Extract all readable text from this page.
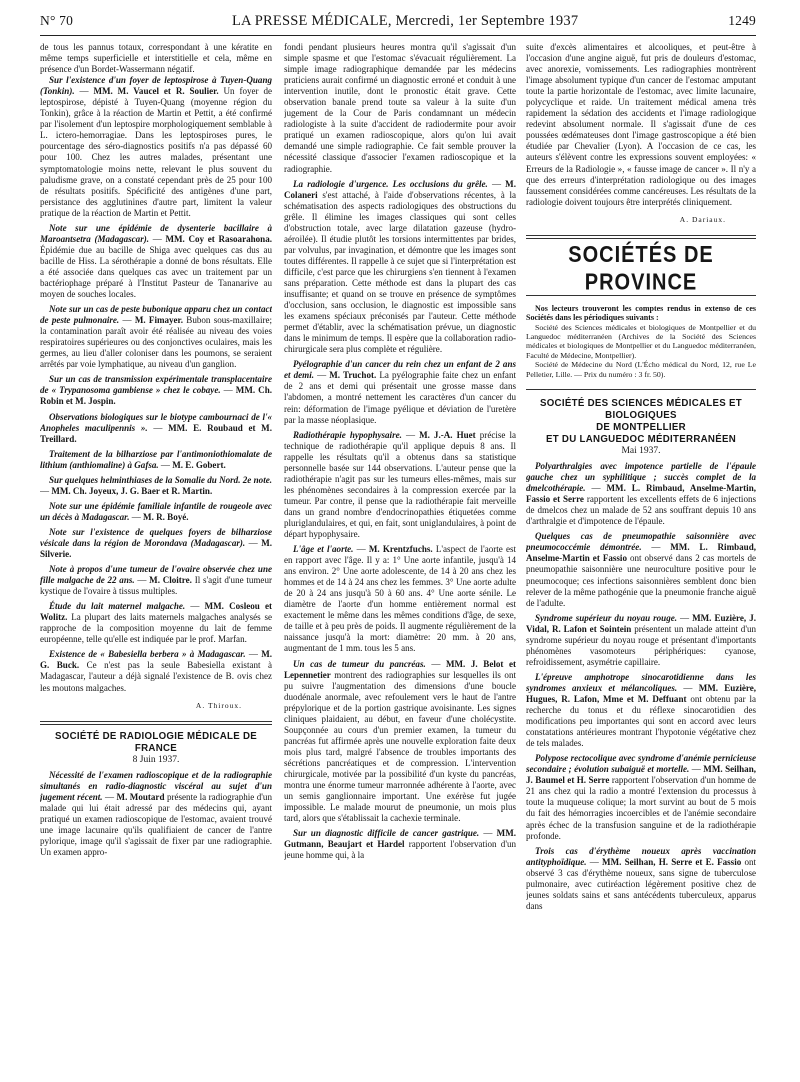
N° 70	LA PRESSE MÉDICALE, Mercredi, 1er Septembre 1937	1249

de tous les pannus totaux, correspondant à une kératite en même temps superficielle et interstitielle et cela, même en présence d'un Bordet-Wassermann négatif.

Sur l'existence d'un foyer de leptospirose à Tuyen-Quang (Tonkin). — MM. M. Vaucel et R. Soulier. Un foyer de leptospirose, dépisté à Tuyen-Quang (moyenne région du Tonkin), grâce à la réaction de Martin et Pettit, a été confirmé par l'isolement d'un leptospire morphologiquement semblable à L. ictero-hemorragiae. Dans les leptospiroses pures, le pourcentage des séro-diagnostics positifs n'a pas dépassé 60 pour 100. Chez les autres malades, présentant une symptomatologie moins nette, relevant le plus souvent du paludisme grave, on a constaté cependant près de 25 pour 100 de résultats positifs. Spécificité des antigènes d'une part, persistance des agglutinines d'autre part, limitent la valeur pratique de la réaction de Martin et Pettit.

Note sur une épidémie de dysenterie bacillaire à Maroantsetra (Madagascar). — MM. Coy et Rasoarahona. Épidémie due au bacille de Shiga avec quelques cas dus au bacille de Hiss. La sérothérapie a donné de bons résultats. Elle a été associée dans quelques cas avec un traitement par un bactériophage préparé à l'Institut Pasteur de Tananarive au moyen de souches locales.

Note sur un cas de peste bubonique apparu chez un contact de peste pulmonaire. — M. Fimayer. Bubon sous-maxillaire; la contamination paraît avoir été réalisée au niveau des voies respiratoires supérieures ou des conjonctives oculaires, mais les germes, au lieu d'aller coloniser dans les poumons, se seraient arrêtés par voie lymphatique, au niveau d'un ganglion.

Sur un cas de transmission expérimentale transplacentaire de « Trypanosoma gambiense » chez le cobaye. — MM. Ch. Robin et M. Jospin.

Observations biologiques sur le biotype cambournaci de l'« Anopheles maculipennis ». — MM. E. Roubaud et M. Treillard.

Traitement de la bilharziose par l'antimoniothiomalate de lithium (anthiomaline) à Gafsa. — M. E. Gobert.

Sur quelques helminthiases de la Somalie du Nord. 2e note. — MM. Ch. Joyeux, J. G. Baer et R. Martin.

Note sur une épidémie familiale infantile de rougeole avec un décès à Madagascar. — M. R. Boyé.

Note sur l'existence de quelques foyers de bilharziose vésicale dans la région de Morondava (Madagascar). — M. Silverie.

Note à propos d'une tumeur de l'ovaire observée chez une fille malgache de 22 ans. — M. Cloitre. Il s'agit d'une tumeur kystique de l'ovaire à tissus multiples.

Étude du lait maternel malgache. — MM. Cosleou et Wolitz. La plupart des laits maternels malgaches analysés se rapproche de la composition moyenne du lait de femme européenne, telle qu'elle est indiquée par le prof. Marfan.

Existence de « Babesiella berbera » à Madagascar. — M. G. Buck. Ce n'est pas la seule Babesiella existant à Madagascar, l'auteur a déjà signalé l'existence de B. ovis chez les moutons malgaches.

A. Thiroux.

SOCIÉTÉ DE RADIOLOGIE MÉDICALE DE FRANCE

8 Juin 1937.

Nécessité de l'examen radioscopique et de la radiographie simultanés en radio-diagnostic viscéral au sujet d'un jugement récent. — M. Moutard présente la radiographie d'un malade qui lui était adressé par des médecins qui, ayant pratiqué un examen radioscopique de l'estomac, avaient trouvé une image lacunaire qu'ils qualifiaient de cancer de l'antre pylorique, image qu'il s'agissait de fixer par une radiographie. Un examen appro-

fondi pendant plusieurs heures montra qu'il s'agissait d'un simple spasme et que l'estomac s'évacuait régulièrement. La simple image radiographique demandée par les médecins praticiens aurait confirmé un diagnostic erroné et conduit à une intervention inutile, dont le pronostic était grave. Cette observation banale prend toute sa valeur à la suite d'un jugement de la Cour de Paris condamnant un médecin radiologiste à la suite d'accident de radiodermite pour avoir pratiqué un examen radioscopique, alors qu'on lui avait demandé une simple radiographie. Ce fait semble prouver la nécessité classique d'associer l'examen radioscopique et la radiographie.

La radiologie d'urgence. Les occlusions du grêle. — M. Colaneri s'est attaché, à l'aide d'observations récentes, à la schématisation des aspects radiologiques des obstructions du grêle. Il élimine les images classiques qui sont celles d'obstruction totale, avec large dilatation gazeuse (hydro-aéroilée). Il étudie plutôt les torsions intermittentes par brides, par volvulus, par invagination, et démontre que les images sont toutes différentes. Il rappelle à ce sujet que si l'interprétation est difficile, c'est parce que les chirurgiens s'en tiennent à l'examen sans préparation. Cette méthode est dans la plupart des cas insuffisante; et quand on se trouve en présence de symptômes d'occlusion, sans occlusion, le diagnostic est impossible sans les examens spéciaux préconisés par l'auteur. Cette méthode permet d'établir, avec la schématisation prévue, un diagnostic dans le minimum de temps. Il espère que la collaboration radio-chirurgicale sera plus complète et régulière.

Pyélographie d'un cancer du rein chez un enfant de 2 ans et demi. — M. Truchot. La pyélographie faite chez un enfant de 2 ans et demi qui présentait une grosse masse dans l'abdomen, a montré nettement les caractères d'un cancer du rein: déformation de l'image pyélique et déviation de l'uretère par la masse néoplasique.

Radiothérapie hypophysaire. — M. J.-A. Huet précise la technique de radiothérapie qu'il applique depuis 8 ans. Il rappelle les résultats qu'il a obtenus dans sa statistique personnelle basée sur 144 observations. L'auteur pense que la radiothérapie n'agit pas sur les tumeurs elles-mêmes, mais sur les phénomènes secondaires à la compression exercée par la tumeur. Par contre, il pense que la radiothérapie fait merveille dans un grand nombre d'endocrinopathies étiquetées comme pluriglandulaires, et qui, en fait, sont uniglandulaires, à point de départ hypophysaire.

L'âge et l'aorte. — M. Krentzfuchs. L'aspect de l'aorte est en rapport avec l'âge. Il y a: 1° Une aorte infantile, jusqu'à 14 ans environ. 2° Une aorte adolescente, de 14 à 20 ans chez les hommes et de 14 à 24 ans chez les femmes. 3° Une aorte adulte de 20 à 24 ans jusqu'à 50 à 60 ans. 4° Une aorte sénile. Le diamètre de l'aorte d'un homme entièrement normal est exactement le même dans les mêmes conditions d'âge, de sexe, de taille et à peu près de poids. Il augmente régulièrement de la naissance jusqu'à la mort: diamètre: 20 mm. à 20 ans, augmentant de 1 mm. tous les 5 ans.

Un cas de tumeur du pancréas. — MM. J. Belot et Lepennetier montrent des radiographies sur lesquelles ils ont pu suivre l'augmentation des dimensions d'une boucle duodénale anormale, avec refoulement vers le haut de l'antre prépylorique et de la portion gastrique avoisinante. Les signes cliniques plaidaient, au début, en faveur d'une cholécystite. Soupçonnée au cours d'un premier examen, la tumeur du pancréas fut affirmée après une nouvelle exploration faite deux mois plus tard, malgré l'absence de troubles importants des sécrétions pancréatiques et de compression. L'intervention chirurgicale, motivée par la possibilité d'un kyste du pancréas, montra une énorme tumeur marronnée adhérente à l'aorte, avec un semis ganglionnaire important. Une exérèse fut jugée impossible. Le malade mourut de pneumonie, un mois plus tard, alors que s'établissait la cachexie terminale.

Sur un diagnostic difficile de cancer gastrique. — MM. Gutmann, Beaujart et Hardel rapportent l'observation d'un jeune homme qui, à la

suite d'excès alimentaires et alcooliques, et peut-être à l'occasion d'une angine aiguë, fut pris de douleurs d'estomac, avec anorexie, vomissements. Les radiographies montrèrent l'image absolument typique d'un cancer de l'estomac amputant toute la partie horizontale de l'estomac, avec limite lacunaire, polycyclique et raide. Un traitement médical amena très rapidement la sédation des accidents et l'image radiologique redevint absolument normale. Il s'agissait d'une de ces poussées œdémateuses dont l'image gastroscopique a été bien étudiée par Chevalier (Lyon). A l'occasion de ce cas, les auteurs s'élèvent contre les expressions souvent employées: « Erreurs de la Radiologie », « fausse image de cancer ». Il n'y a que des erreurs d'interprétation radiologique ou des images faussement considérées comme cancéreuses. Les résultats de la radiologie doivent toujours être interprétés cliniquement.

A. Dariaux.

SOCIÉTÉS DE PROVINCE

Nos lecteurs trouveront les comptes rendus in extenso de ces Sociétés dans les périodiques suivants :

Société des Sciences médicales et biologiques de Montpellier et du Languedoc méditerranéen (Archives de la Société des Sciences médicales et biologiques de Montpellier et du Languedoc méditerranéen, Faculté de Médecine, Montpellier).

Société de Médecine du Nord (L'Écho médical du Nord, 12, rue Le Pelletier, Lille. — Prix du numéro : 3 fr. 50).

SOCIÉTÉ DES SCIENCES MÉDICALES ET BIOLOGIQUES

DE MONTPELLIER

ET DU LANGUEDOC MÉDITERRANÉEN

Mai 1937.

Polyarthralgies avec impotence partielle de l'épaule gauche chez un syphilitique ; succès complet de la dmelcothérapie. — MM. L. Rimbaud, Anselme-Martin, Fassio et Serre rapportent les excellents effets de 6 injections de dmelcos chez un malade de 52 ans souffrant depuis 10 ans d'arthralgie et d'impotence de l'épaule.

Quelques cas de pneumopathie saisonnière avec pneumococcémie démontrée. — MM. L. Rimbaud, Anselme-Martin et Fassio ont observé dans 2 cas mortels de pneumopathie saisonnière une neuroculture positive pour le pneumocoque; ces infections saisonnières semblent donc bien relever de la même pathogénie que la pneumonie franche aiguë de l'adulte.

Syndrome supérieur du noyau rouge. — MM. Euzière, J. Vidal, R. Lafon et Sointein présentent un malade atteint d'un syndrome supérieur du noyau rouge et présentant d'importants phénomènes vasomoteurs périphériques: cyanose, refroidissement, asymétrie capillaire.

L'épreuve amphotrope sinocarotidienne dans les syndromes anxieux et mélancoliques. — MM. Euzière, Hugues, R. Lafon, Mme et M. Deffuant ont obtenu par la recherche du tonus et du réflexe sinocarotidien des modifications peu importantes qui sont en accord avec leurs constatations antérieures montrant l'hypotonie végétative chez de tels malades.

Polypose rectocolique avec syndrome d'anémie pernicieuse secondaire ; évolution subaiguë et mortelle. — MM. Seilhan, J. Baumel et H. Serre rapportent l'observation d'un homme de 21 ans chez qui la radio a montré l'extension du processus à toute la muqueuse colique; la mort survint au bout de 5 mois du fait des hémorragies incoercibles et de l'anémie secondaire après échec de la transfusion sanguine et de la radiothérapie profonde.

Trois cas d'érythème noueux après vaccination antityphoïdique. — MM. Seilhan, H. Serre et E. Fassio ont observé 3 cas d'érythème noueux, sans signe de tuberculose pulmonaire, avec cutiréaction légèrement positive chez de jeunes soldats sains et sans antécédents tuberculeux, apparus dans
